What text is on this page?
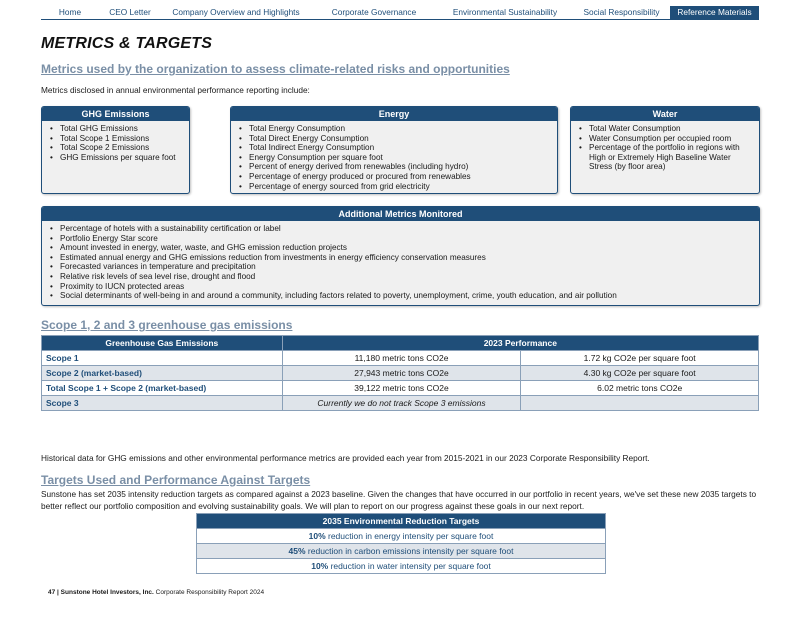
Home	CEO Letter	Company Overview and Highlights	Corporate Governance	Environmental Sustainability	Social Responsibility	Reference Materials
METRICS & TARGETS
Metrics used by the organization to assess climate-related risks and opportunities
Metrics disclosed in annual environmental performance reporting include:
GHG Emissions
• Total GHG Emissions
• Total Scope 1 Emissions
• Total Scope 2 Emissions
• GHG Emissions per square foot
Energy
• Total Energy Consumption
• Total Direct Energy Consumption
• Total Indirect Energy Consumption
• Energy Consumption per square foot
• Percent of energy derived from renewables (including hydro)
• Percentage of energy produced or procured from renewables
• Percentage of energy sourced from grid electricity
Water
• Total Water Consumption
• Water Consumption per occupied room
• Percentage of the portfolio in regions with High or Extremely High Baseline Water Stress (by floor area)
Additional Metrics Monitored
• Percentage of hotels with a sustainability certification or label
• Portfolio Energy Star score
• Amount invested in energy, water, waste, and GHG emission reduction projects
• Estimated annual energy and GHG emissions reduction from investments in energy efficiency conservation measures
• Forecasted variances in temperature and precipitation
• Relative risk levels of sea level rise, drought and flood
• Proximity to IUCN protected areas
• Social determinants of well-being in and around a community, including factors related to poverty, unemployment, crime, youth education, and air pollution
Scope 1, 2 and 3 greenhouse gas emissions
Greenhouse Gas Emissions	2023 Performance	
Scope 1	11,180 metric tons CO2e	1.72 kg CO2e per square foot
Scope 2 (market-based)	27,943 metric tons CO2e	4.30 kg CO2e per square foot
Total Scope 1 + Scope 2 (market-based)	39,122 metric tons CO2e	6.02 metric tons CO2e
Scope 3	Currently we do not track Scope 3 emissions	
Historical data for GHG emissions and other environmental performance metrics are provided each year from 2015-2021 in our 2023 Corporate Responsibility Report.
Targets Used and Performance Against Targets
Sunstone has set 2035 intensity reduction targets as compared against a 2023 baseline. Given the changes that have occurred in our portfolio in recent years, we've set these new 2035 targets to better reflect our portfolio composition and evolving sustainability goals. We will plan to report on our progress against these goals in our next report.
2035 Environmental Reduction Targets
10% reduction in energy intensity per square foot
45% reduction in carbon emissions intensity per square foot
10% reduction in water intensity per square foot
47 | Sunstone Hotel Investors, Inc. Corporate Responsibility Report 2024
